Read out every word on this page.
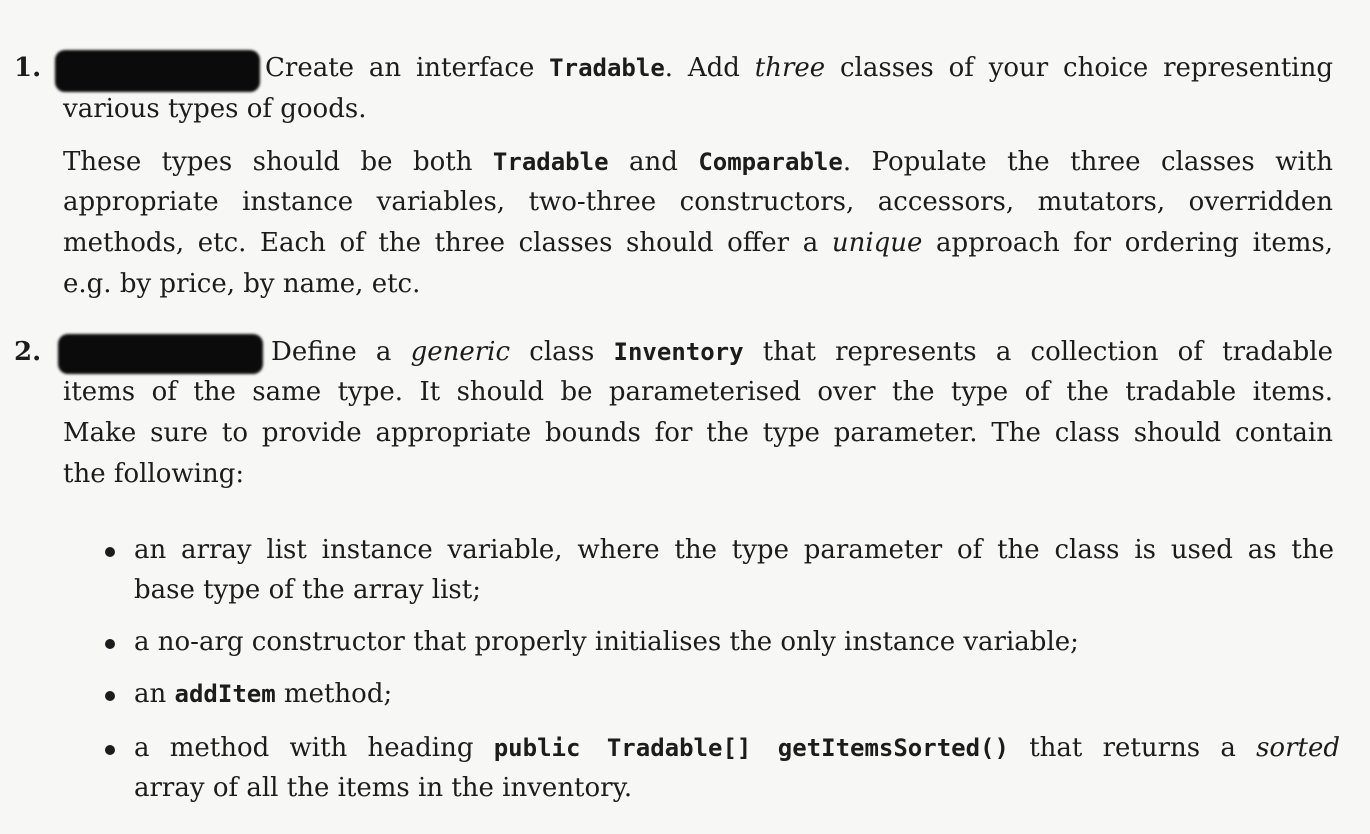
1.	Create an interface Tradable. Add three classes of your choice representing
various types of goods.
These types should be both Tradable and Comparable. Populate the three classes with
appropriate instance variables, two-three constructors, accessors, mutators, overridden
methods, etc. Each of the three classes should offer a unique approach for ordering items,
e.g. by price, by name, etc.
2.	Define a generic class Inventory that represents a collection of tradable
items of the same type. It should be parameterised over the type of the tradable items.
Make sure to provide appropriate bounds for the type parameter. The class should contain
the following:
an array list instance variable, where the type parameter of the class is used as the
base type of the array list;
a no-arg constructor that properly initialises the only instance variable;
an addItem method;
a method with heading public Tradable[] getItemsSorted() that returns a sorted
array of all the items in the inventory.
